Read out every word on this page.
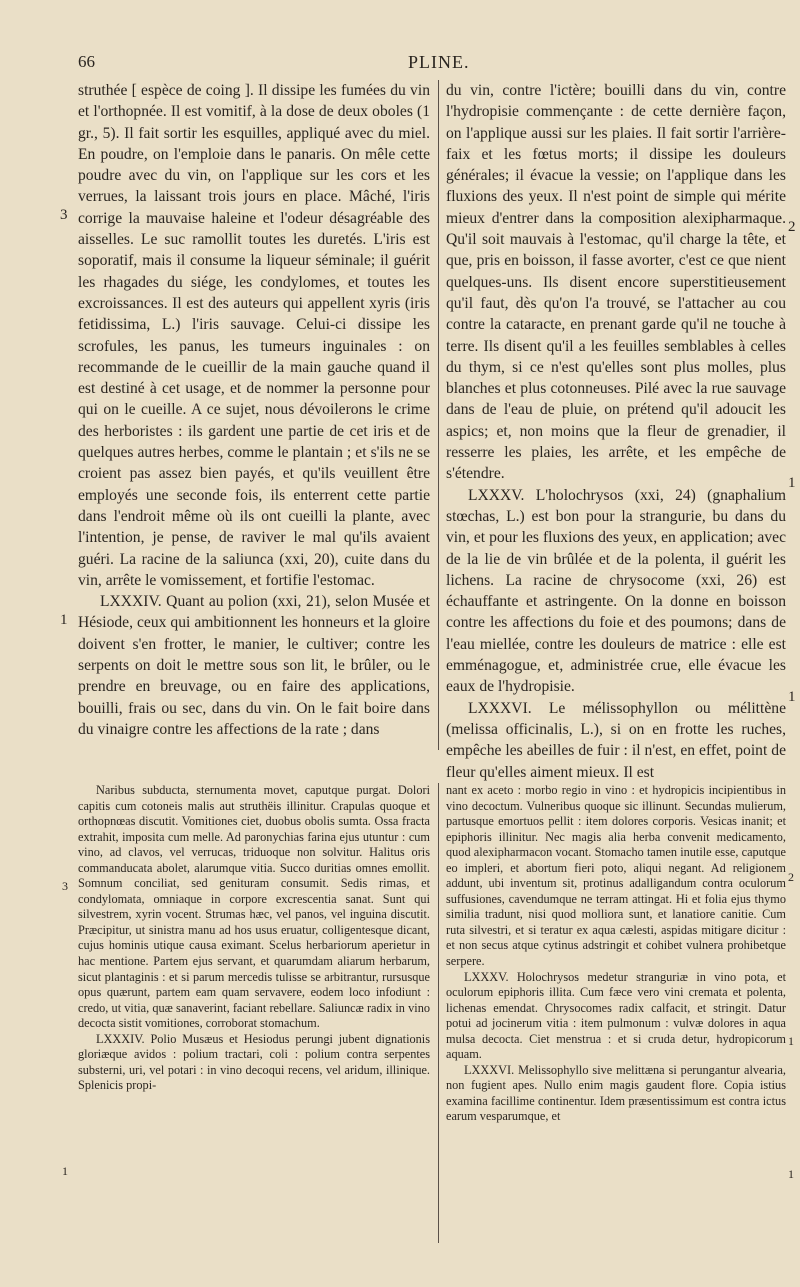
66	PLINE.

struthée [ espèce de coing ]. Il dissipe les fumées du vin et l'orthopnée. Il est vomitif, à la dose de deux oboles (1 gr., 5). Il fait sortir les esquilles, appliqué avec du miel. En poudre, on l'emploie dans le panaris. On mêle cette poudre avec du vin, on l'applique sur les cors et les verrues, la laissant trois jours en place. Mâché, l'iris corrige la mauvaise haleine et l'odeur désagréable des aisselles. Le suc ramollit toutes les duretés. L'iris est soporatif, mais il consume la liqueur séminale; il guérit les rhagades du siége, les condylomes, et toutes les excroissances. Il est des auteurs qui appellent xyris (iris fetidissima, L.) l'iris sauvage. Celui-ci dissipe les scrofules, les panus, les tumeurs inguinales : on recommande de le cueillir de la main gauche quand il est destiné à cet usage, et de nommer la personne pour qui on le cueille. A ce sujet, nous dévoilerons le crime des herboristes : ils gardent une partie de cet iris et de quelques autres herbes, comme le plantain ; et s'ils ne se croient pas assez bien payés, et qu'ils veuillent être employés une seconde fois, ils enterrent cette partie dans l'endroit même où ils ont cueilli la plante, avec l'intention, je pense, de raviver le mal qu'ils avaient guéri. La racine de la saliunca (xxi, 20), cuite dans du vin, arrête le vomissement, et fortifie l'estomac.

LXXXIV. Quant au polion (xxi, 21), selon Musée et Hésiode, ceux qui ambitionnent les honneurs et la gloire doivent s'en frotter, le manier, le cultiver; contre les serpents on doit le mettre sous son lit, le brûler, ou le prendre en breuvage, ou en faire des applications, bouilli, frais ou sec, dans du vin. On le fait boire dans du vinaigre contre les affections de la rate ; dans

du vin, contre l'ictère; bouilli dans du vin, contre l'hydropisie commençante : de cette dernière façon, on l'applique aussi sur les plaies. Il fait sortir l'arrière-faix et les fœtus morts; il dissipe les douleurs générales; il évacue la vessie; on l'applique dans les fluxions des yeux. Il n'est point de simple qui mérite mieux d'entrer dans la composition alexipharmaque. Qu'il soit mauvais à l'estomac, qu'il charge la tête, et que, pris en boisson, il fasse avorter, c'est ce que nient quelques-uns. Ils disent encore superstitieusement qu'il faut, dès qu'on l'a trouvé, se l'attacher au cou contre la cataracte, en prenant garde qu'il ne touche à terre. Ils disent qu'il a les feuilles semblables à celles du thym, si ce n'est qu'elles sont plus molles, plus blanches et plus cotonneuses. Pilé avec la rue sauvage dans de l'eau de pluie, on prétend qu'il adoucit les aspics; et, non moins que la fleur de grenadier, il resserre les plaies, les arrête, et les empêche de s'étendre.

LXXXV. L'holochrysos (xxi, 24) (gnaphalium stœchas, L.) est bon pour la strangurie, bu dans du vin, et pour les fluxions des yeux, en application; avec de la lie de vin brûlée et de la polenta, il guérit les lichens. La racine de chrysocome (xxi, 26) est échauffante et astringente. On la donne en boisson contre les affections du foie et des poumons; dans de l'eau miellée, contre les douleurs de matrice : elle est emménagogue, et, administrée crue, elle évacue les eaux de l'hydropisie.

LXXXVI. Le mélissophyllon ou mélittène (melissa officinalis, L.), si on en frotte les ruches, empêche les abeilles de fuir : il n'est, en effet, point de fleur qu'elles aiment mieux. Il est

Naribus subducta, sternumenta movet, caputque purgat. Dolori capitis cum cotoneis malis aut struthëis illinitur. Crapulas quoque et orthopnœas discutit. Vomitiones ciet, duobus obolis sumta. Ossa fracta extrahit, imposita cum melle. Ad paronychias farina ejus utuntur : cum vino, ad clavos, vel verrucas, triduoque non solvitur. Halitus oris commanducata abolet, alarumque vitia. Succo duritias omnes emollit. Somnum conciliat, sed genituram consumit. Sedis rimas, et condylomata, omniaque in corpore excrescentia sanat. Sunt qui silvestrem, xyrin vocent. Strumas hæc, vel panos, vel inguina discutit. Præcipitur, ut sinistra manu ad hos usus eruatur, colligentesque dicant, cujus hominis utique causa eximant. Scelus herbariorum aperietur in hac mentione. Partem ejus servant, et quarumdam aliarum herbarum, sicut plantaginis : et si parum mercedis tulisse se arbitrantur, rursusque opus quærunt, partem eam quam servavere, eodem loco infodiunt : credo, ut vitia, quæ sanaverint, faciant rebellare. Saliuncæ radix in vino decocta sistit vomitiones, corroborat stomachum.

LXXXIV. Polio Musæus et Hesiodus perungi jubent dignationis gloriæque avidos : polium tractari, coli : polium contra serpentes substerni, uri, vel potari : in vino decoqui recens, vel aridum, illinique. Splenicis propi-

nant ex aceto : morbo regio in vino : et hydropicis incipientibus in vino decoctum. Vulneribus quoque sic illinunt. Secundas mulierum, partusque emortuos pellit : item dolores corporis. Vesicas inanit; et epiphoris illinitur. Nec magis alia herba convenit medicamento, quod alexipharmacon vocant. Stomacho tamen inutile esse, caputque eo impleri, et abortum fieri poto, aliqui negant. Ad religionem addunt, ubi inventum sit, protinus adalligandum contra oculorum suffusiones, cavendumque ne terram attingat. Hi et folia ejus thymo similia tradunt, nisi quod molliora sunt, et lanatiore canitie. Cum ruta silvestri, et si teratur ex aqua cælesti, aspidas mitigare dicitur : et non secus atque cytinus adstringit et cohibet vulnera prohibetque serpere.

LXXXV. Holochrysos medetur stranguriæ in vino pota, et oculorum epiphoris illita. Cum fæce vero vini cremata et polenta, lichenas emendat. Chrysocomes radix calfacit, et stringit. Datur potui ad jocinerum vitia : item pulmonum : vulvæ dolores in aqua mulsa decocta. Ciet menstrua : et si cruda detur, hydropicorum aquam.

LXXXVI. Melissophyllo sive melittæna si perungantur alvearia, non fugient apes. Nullo enim magis gaudent flore. Copia istius examina facillime continentur. Idem præsentissimum est contra ictus earum vesparumque, et

3
2
1
1
1
3
2
1
1
1
